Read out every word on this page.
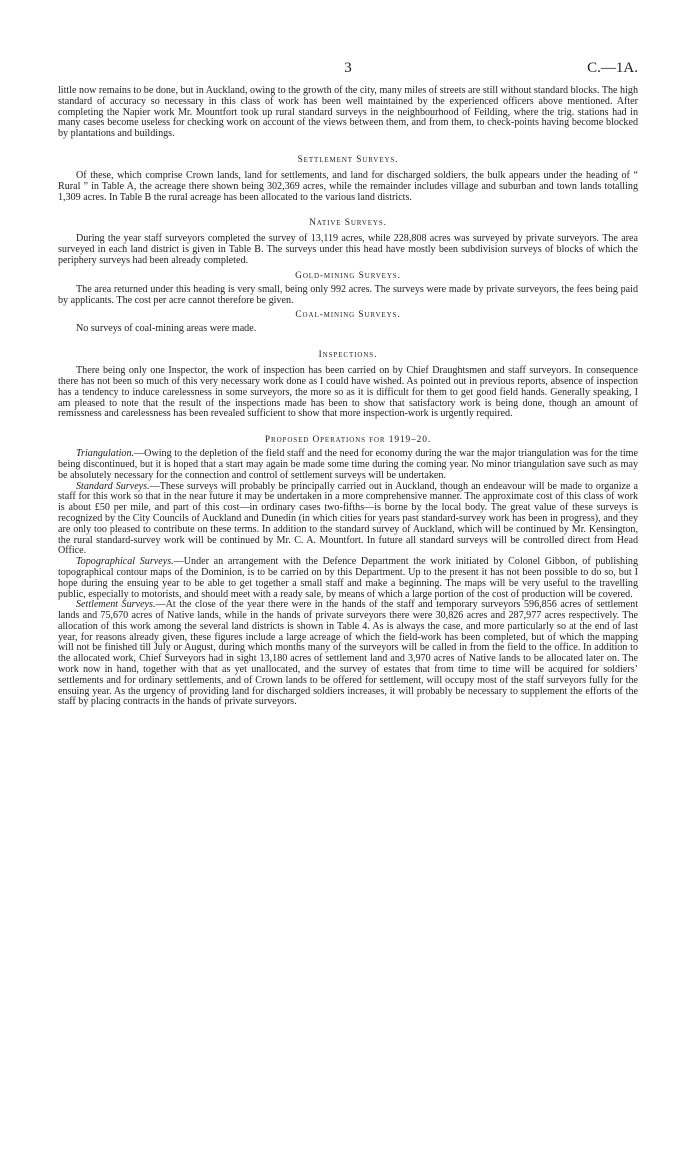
3	C.—1A.

little now remains to be done, but in Auckland, owing to the growth of the city, many miles of streets are still without standard blocks. The high standard of accuracy so necessary in this class of work has been well maintained by the experienced officers above mentioned. After completing the Napier work Mr. Mountfort took up rural standard surveys in the neighbourhood of Feilding, where the trig. stations had in many cases become useless for checking work on account of the views between them, and from them, to check-points having become blocked by plantations and buildings.

Settlement Surveys.

Of these, which comprise Crown lands, land for settlements, and land for discharged soldiers, the bulk appears under the heading of “ Rural ” in Table A, the acreage there shown being 302,369 acres, while the remainder includes village and suburban and town lands totalling 1,309 acres. In Table B the rural acreage has been allocated to the various land districts.

Native Surveys.

During the year staff surveyors completed the survey of 13,119 acres, while 228,808 acres was surveyed by private surveyors. The area surveyed in each land district is given in Table B. The surveys under this head have mostly been subdivision surveys of blocks of which the periphery surveys had been already completed.

Gold-mining Surveys.

The area returned under this heading is very small, being only 992 acres. The surveys were made by private surveyors, the fees being paid by applicants. The cost per acre cannot therefore be given.

Coal-mining Surveys.

No surveys of coal-mining areas were made.

Inspections.

There being only one Inspector, the work of inspection has been carried on by Chief Draughtsmen and staff surveyors. In consequence there has not been so much of this very necessary work done as I could have wished. As pointed out in previous reports, absence of inspection has a tendency to induce carelessness in some surveyors, the more so as it is difficult for them to get good field hands. Generally speaking, I am pleased to note that the result of the inspections made has been to show that satisfactory work is being done, though an amount of remissness and carelessness has been revealed sufficient to show that more inspection-work is urgently required.

Proposed Operations for 1919–20.

Triangulation.—Owing to the depletion of the field staff and the need for economy during the war the major triangulation was for the time being discontinued, but it is hoped that a start may again be made some time during the coming year. No minor triangulation save such as may be absolutely necessary for the connection and control of settlement surveys will be undertaken.

Standard Surveys.—These surveys will probably be principally carried out in Auckland, though an endeavour will be made to organize a staff for this work so that in the near future it may be undertaken in a more comprehensive manner. The approximate cost of this class of work is about £50 per mile, and part of this cost—in ordinary cases two-fifths—is borne by the local body. The great value of these surveys is recognized by the City Councils of Auckland and Dunedin (in which cities for years past standard-survey work has been in progress), and they are only too pleased to contribute on these terms. In addition to the standard survey of Auckland, which will be continued by Mr. Kensington, the rural standard-survey work will be continued by Mr. C. A. Mountfort. In future all standard surveys will be controlled direct from Head Office.

Topographical Surveys.—Under an arrangement with the Defence Department the work initiated by Colonel Gibbon, of publishing topographical contour maps of the Dominion, is to be carried on by this Department. Up to the present it has not been possible to do so, but I hope during the ensuing year to be able to get together a small staff and make a beginning. The maps will be very useful to the travelling public, especially to motorists, and should meet with a ready sale, by means of which a large portion of the cost of production will be covered.

Settlement Surveys.—At the close of the year there were in the hands of the staff and temporary surveyors 596,856 acres of settlement lands and 75,670 acres of Native lands, while in the hands of private surveyors there were 30,826 acres and 287,977 acres respectively. The allocation of this work among the several land districts is shown in Table 4. As is always the case, and more particularly so at the end of last year, for reasons already given, these figures include a large acreage of which the field-work has been completed, but of which the mapping will not be finished till July or August, during which months many of the surveyors will be called in from the field to the office. In addition to the allocated work, Chief Surveyors had in sight 13,180 acres of settlement land and 3,970 acres of Native lands to be allocated later on. The work now in hand, together with that as yet unallocated, and the survey of estates that from time to time will be acquired for soldiers’ settlements and for ordinary settlements, and of Crown lands to be offered for settlement, will occupy most of the staff surveyors fully for the ensuing year. As the urgency of providing land for discharged soldiers increases, it will probably be necessary to supplement the efforts of the staff by placing contracts in the hands of private surveyors.
